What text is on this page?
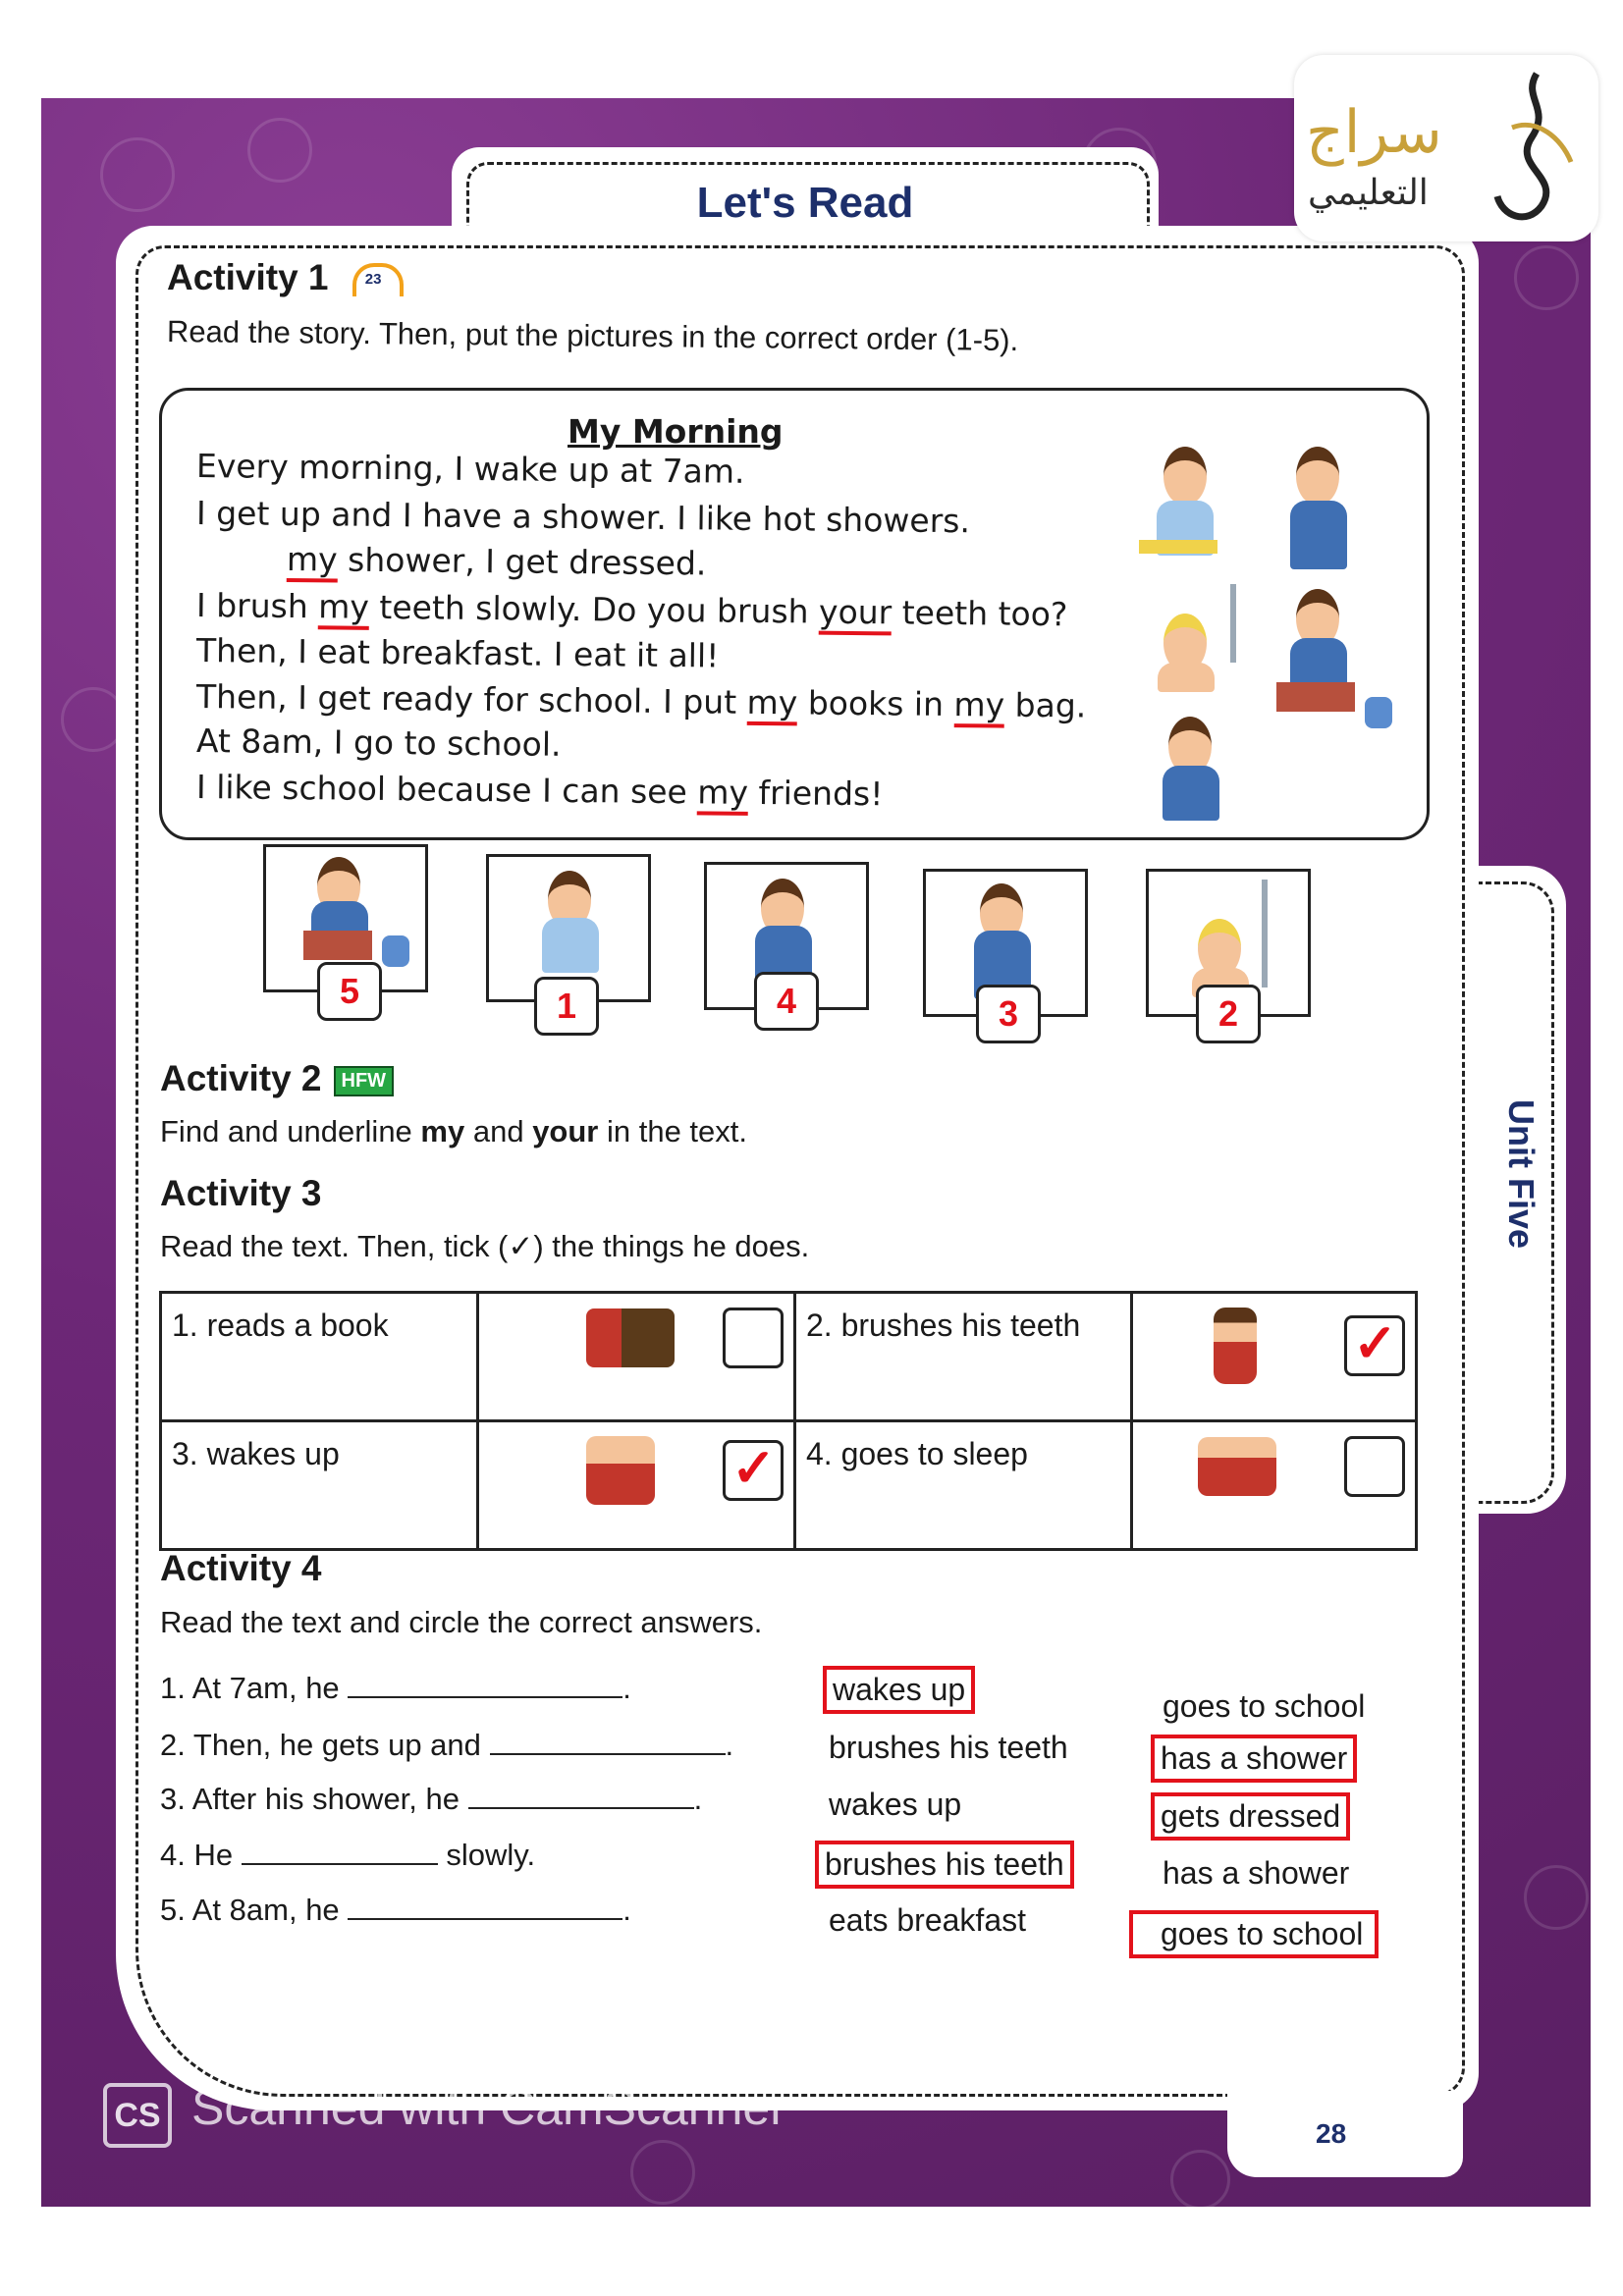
Unit Five
Let's Read
28
سراج
التعليمي
Activity 1 23
Read the story. Then, put the pictures in the correct order (1-5).
My Morning
Every morning, I wake up at 7am.
I get up and I have a shower. I like hot showers.
my shower, I get dressed.
I brush my teeth slowly. Do you brush your teeth too?
Then, I eat breakfast. I eat it all!
Then, I get ready for school. I put my books in my bag.
At 8am, I go to school.
I like school because I can see my friends!
5	1	4	3	2
Activity 2 HFW
Find and underline my and your in the text.
Activity 3
Read the text. Then, tick (✓) the things he does.
1. reads a book		2. brushes his teeth	✓

3. wakes up	✓	4. goes to sleep	
Activity 4
Read the text and circle the correct answers.
1. At 7am, he	.
2. Then, he gets up and	.
3. After his shower, he	.
4. He	slowly.
5. At 8am, he	.
wakes up
brushes his teeth
wakes up
brushes his teeth
eats breakfast
goes to school
has a shower
gets dressed
has a shower
goes to school
CS Scanned with CamScanner
